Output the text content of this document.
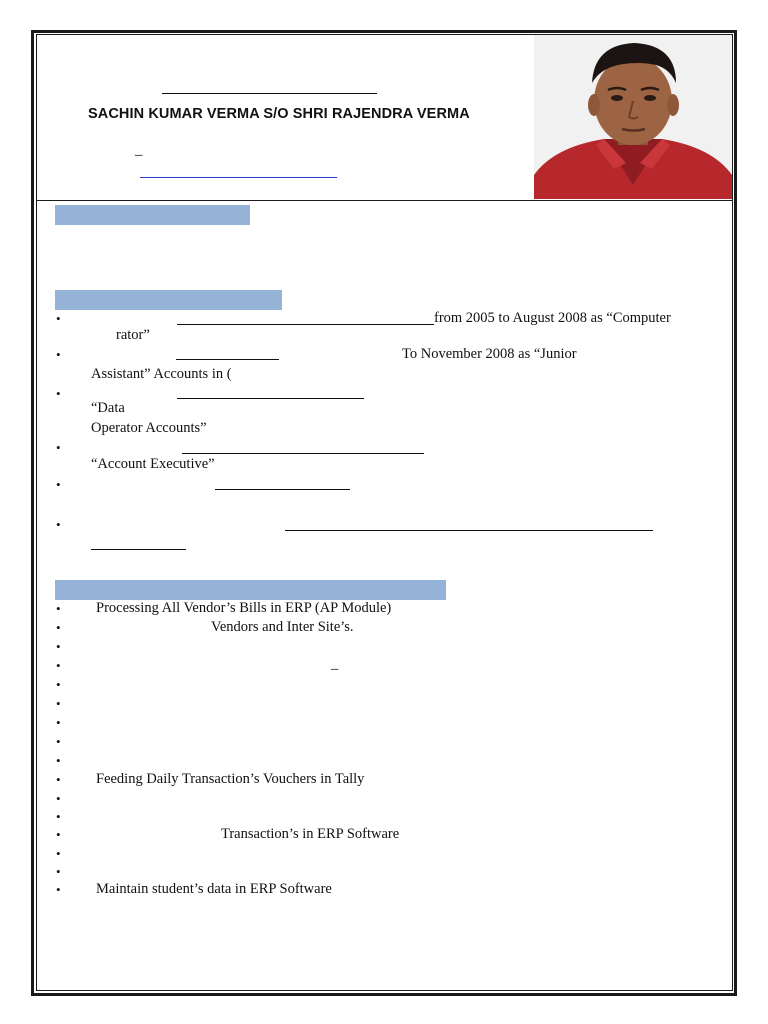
SACHIN KUMAR VERMA S/O SHRI RAJENDRA VERMA
_
•	from 2005 to August 2008 as “Computer
rator”
•	To November 2008 as “Junior
Assistant” Accounts in (
•
“Data
Operator Accounts”
•
“Account Executive”
•
•
• Processing All Vendor’s Bills in ERP (AP Module)
•	Vendors and Inter Site’s.
•
•	_
•
•
•
•
•
• Feeding Daily Transaction’s Vouchers in Tally
•
•
•	Transaction’s in ERP Software
•
•
• Maintain student’s data in ERP Software
